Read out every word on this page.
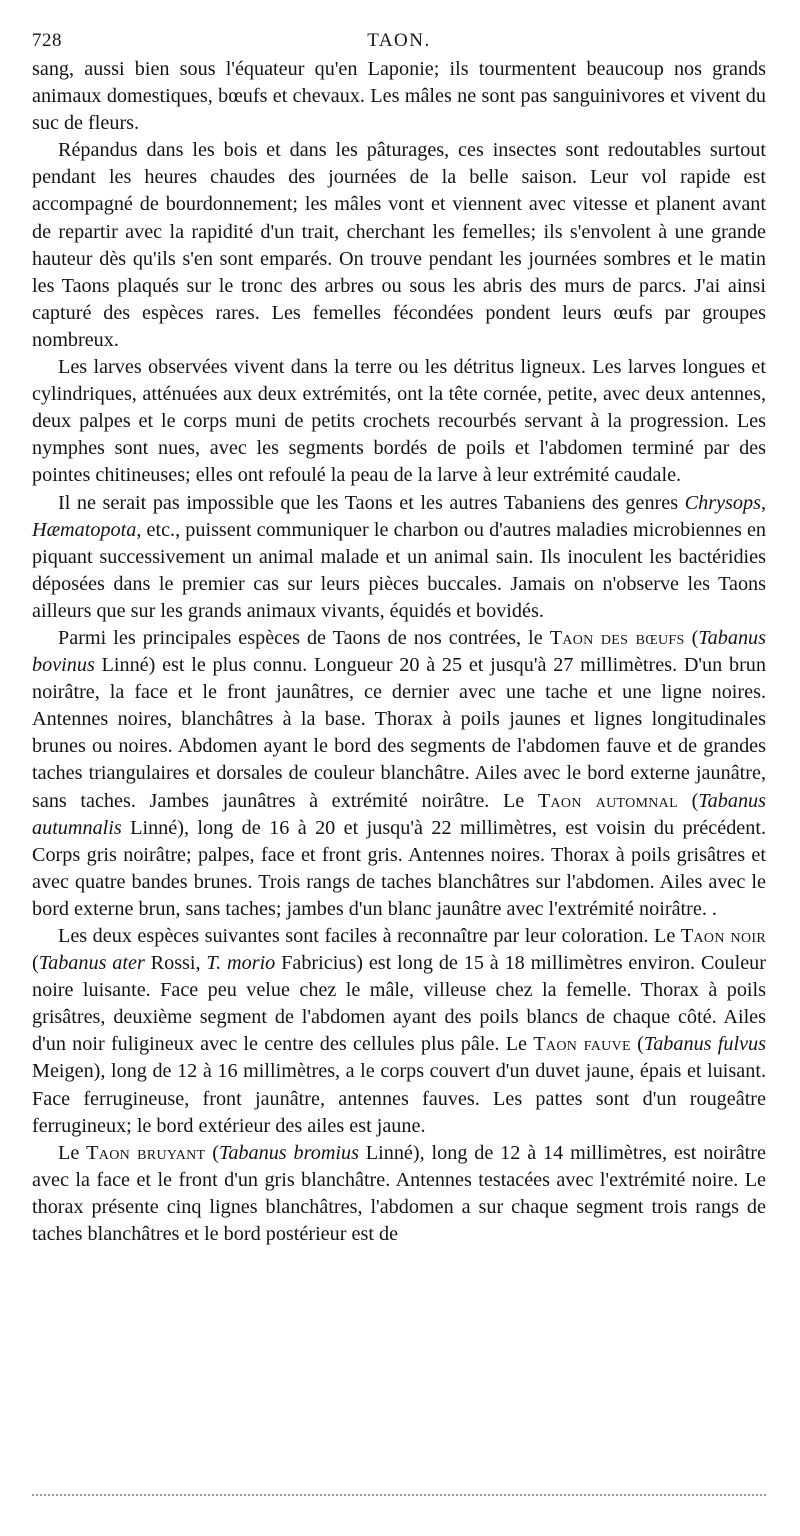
728	TAON.

sang, aussi bien sous l'équateur qu'en Laponie; ils tourmentent beaucoup nos grands animaux domestiques, bœufs et chevaux. Les mâles ne sont pas sanguinivores et vivent du suc de fleurs.

Répandus dans les bois et dans les pâturages, ces insectes sont redoutables surtout pendant les heures chaudes des journées de la belle saison. Leur vol rapide est accompagné de bourdonnement; les mâles vont et viennent avec vitesse et planent avant de repartir avec la rapidité d'un trait, cherchant les femelles; ils s'envolent à une grande hauteur dès qu'ils s'en sont emparés. On trouve pendant les journées sombres et le matin les Taons plaqués sur le tronc des arbres ou sous les abris des murs de parcs. J'ai ainsi capturé des espèces rares. Les femelles fécondées pondent leurs œufs par groupes nombreux.

Les larves observées vivent dans la terre ou les détritus ligneux. Les larves longues et cylindriques, atténuées aux deux extrémités, ont la tête cornée, petite, avec deux antennes, deux palpes et le corps muni de petits crochets recourbés servant à la progression. Les nymphes sont nues, avec les segments bordés de poils et l'abdomen terminé par des pointes chitineuses; elles ont refoulé la peau de la larve à leur extrémité caudale.

Il ne serait pas impossible que les Taons et les autres Tabaniens des genres Chrysops, Hæmatopota, etc., puissent communiquer le charbon ou d'autres maladies microbiennes en piquant successivement un animal malade et un animal sain. Ils inoculent les bactéridies déposées dans le premier cas sur leurs pièces buccales. Jamais on n'observe les Taons ailleurs que sur les grands animaux vivants, équidés et bovidés.

Parmi les principales espèces de Taons de nos contrées, le Taon des bœufs (Tabanus bovinus Linné) est le plus connu. Longueur 20 à 25 et jusqu'à 27 millimètres. D'un brun noirâtre, la face et le front jaunâtres, ce dernier avec une tache et une ligne noires. Antennes noires, blanchâtres à la base. Thorax à poils jaunes et lignes longitudinales brunes ou noires. Abdomen ayant le bord des segments de l'abdomen fauve et de grandes taches triangulaires et dorsales de couleur blanchâtre. Ailes avec le bord externe jaunâtre, sans taches. Jambes jaunâtres à extrémité noirâtre. Le Taon automnal (Tabanus autumnalis Linné), long de 16 à 20 et jusqu'à 22 millimètres, est voisin du précédent. Corps gris noirâtre; palpes, face et front gris. Antennes noires. Thorax à poils grisâtres et avec quatre bandes brunes. Trois rangs de taches blanchâtres sur l'abdomen. Ailes avec le bord externe brun, sans taches; jambes d'un blanc jaunâtre avec l'extrémité noirâtre. .

Les deux espèces suivantes sont faciles à reconnaître par leur coloration. Le Taon noir (Tabanus ater Rossi, T. morio Fabricius) est long de 15 à 18 millimètres environ. Couleur noire luisante. Face peu velue chez le mâle, villeuse chez la femelle. Thorax à poils grisâtres, deuxième segment de l'abdomen ayant des poils blancs de chaque côté. Ailes d'un noir fuligineux avec le centre des cellules plus pâle. Le Taon fauve (Tabanus fulvus Meigen), long de 12 à 16 millimètres, a le corps couvert d'un duvet jaune, épais et luisant. Face ferrugineuse, front jaunâtre, antennes fauves. Les pattes sont d'un rougeâtre ferrugineux; le bord extérieur des ailes est jaune.

Le Taon bruyant (Tabanus bromius Linné), long de 12 à 14 millimètres, est noirâtre avec la face et le front d'un gris blanchâtre. Antennes testacées avec l'extrémité noire. Le thorax présente cinq lignes blanchâtres, l'abdomen a sur chaque segment trois rangs de taches blanchâtres et le bord postérieur est de
